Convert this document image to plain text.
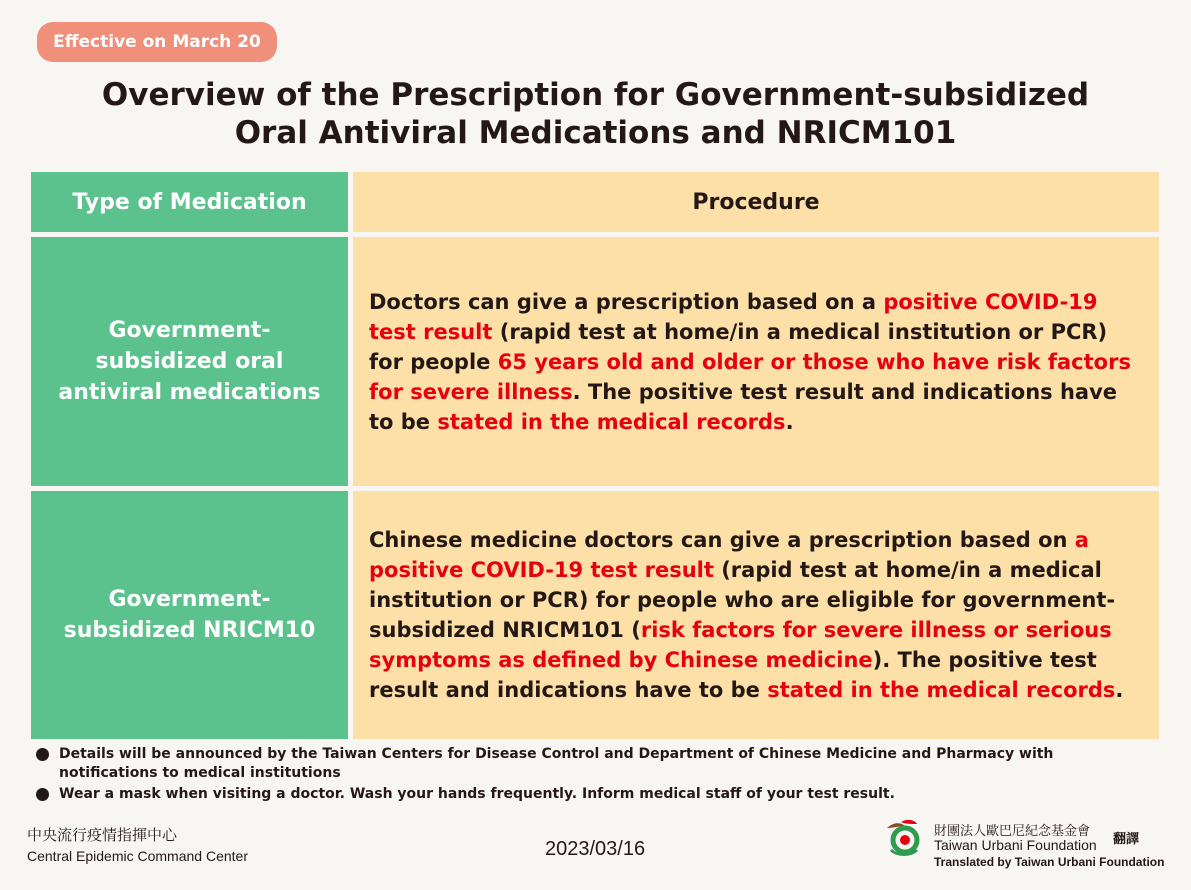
Effective on March 20
Overview of the Prescription for Government-subsidized
Oral Antiviral Medications and NRICM101
Type of Medication	Procedure
Government-
subsidized oral
antiviral medications
Doctors can give a prescription based on a positive COVID-19 test result (rapid test at home/in a medical institution or PCR) for people 65 years old and older or those who have risk factors for severe illness. The positive test result and indications have to be stated in the medical records.
Government-
subsidized NRICM10
Chinese medicine doctors can give a prescription based on a positive COVID-19 test result (rapid test at home/in a medical institution or PCR) for people who are eligible for government-subsidized NRICM101 (risk factors for severe illness or serious symptoms as defined by Chinese medicine). The positive test result and indications have to be stated in the medical records.
Details will be announced by the Taiwan Centers for Disease Control and Department of Chinese Medicine and Pharmacy with notifications to medical institutions
Wear a mask when visiting a doctor. Wash your hands frequently. Inform medical staff of your test result.
中央流行疫情指揮中心
Central Epidemic Command Center	2023/03/16
財團法人歐巴尼紀念基金會
Taiwan Urbani Foundation 翻譯
Translated by Taiwan Urbani Foundation
